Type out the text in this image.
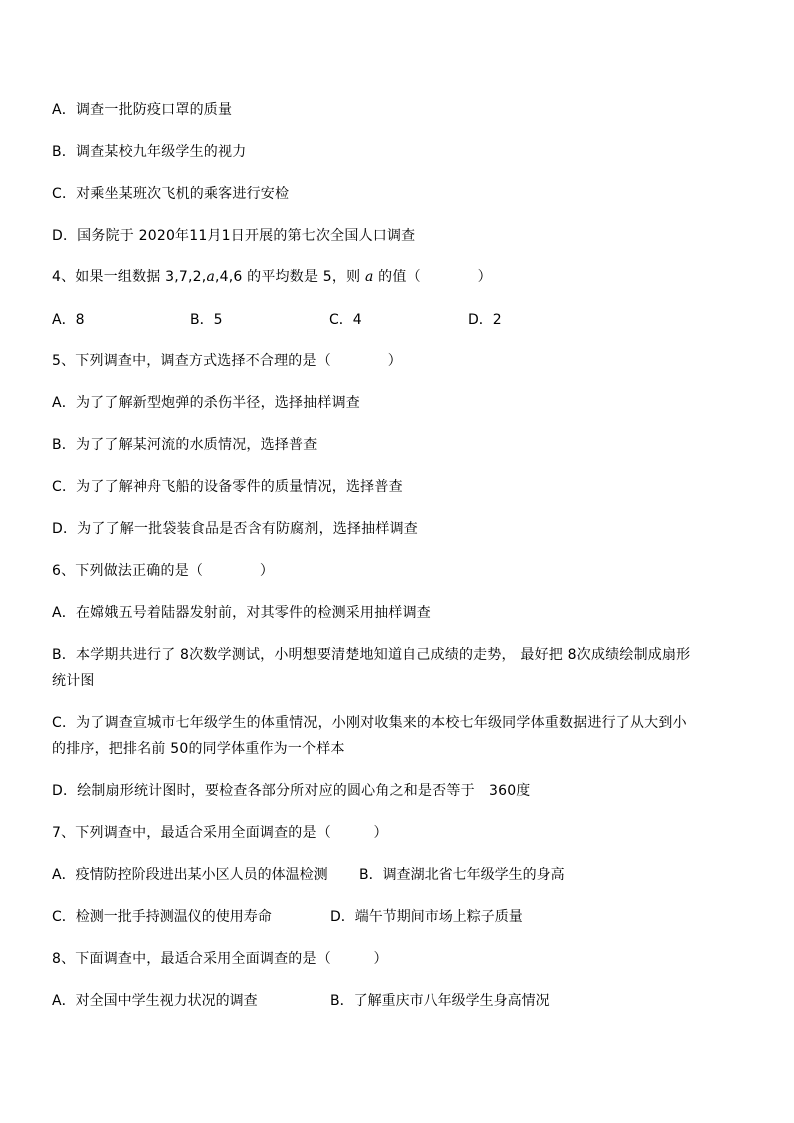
A．调查一批防疫口罩的质量
B．调查某校九年级学生的视力
C．对乘坐某班次飞机的乘客进行安检
D．国务院于 2020年11月1日开展的第七次全国人口调查
4、如果一组数据 3,7,2,a,4,6 的平均数是 5，则 a 的值（　　　　）
A．8	B．5	C．4	D．2
5、下列调查中，调查方式选择不合理的是（　　　　）
A．为了了解新型炮弹的杀伤半径，选择抽样调查
B．为了了解某河流的水质情况，选择普查
C．为了了解神舟飞船的设备零件的质量情况，选择普查
D．为了了解一批袋装食品是否含有防腐剂，选择抽样调查
6、下列做法正确的是（　　　　）
A．在嫦娥五号着陆器发射前，对其零件的检测采用抽样调查
B．本学期共进行了 8次数学测试，小明想要清楚地知道自己成绩的走势， 最好把 8次成绩绘制成扇形
统计图
C．为了调查宣城市七年级学生的体重情况，小刚对收集来的本校七年级同学体重数据进行了从大到小
的排序，把排名前 50的同学体重作为一个样本
D．绘制扇形统计图时，要检查各部分所对应的圆心角之和是否等于　360度
7、下列调查中，最适合采用全面调查的是（　　　）
A．疫情防控阶段进出某小区人员的体温检测 B．调查湖北省七年级学生的身高
C．检测一批手持测温仪的使用寿命	D．端午节期间市场上粽子质量
8、下面调查中，最适合采用全面调查的是（　　　）
A．对全国中学生视力状况的调查	B．了解重庆市八年级学生身高情况
